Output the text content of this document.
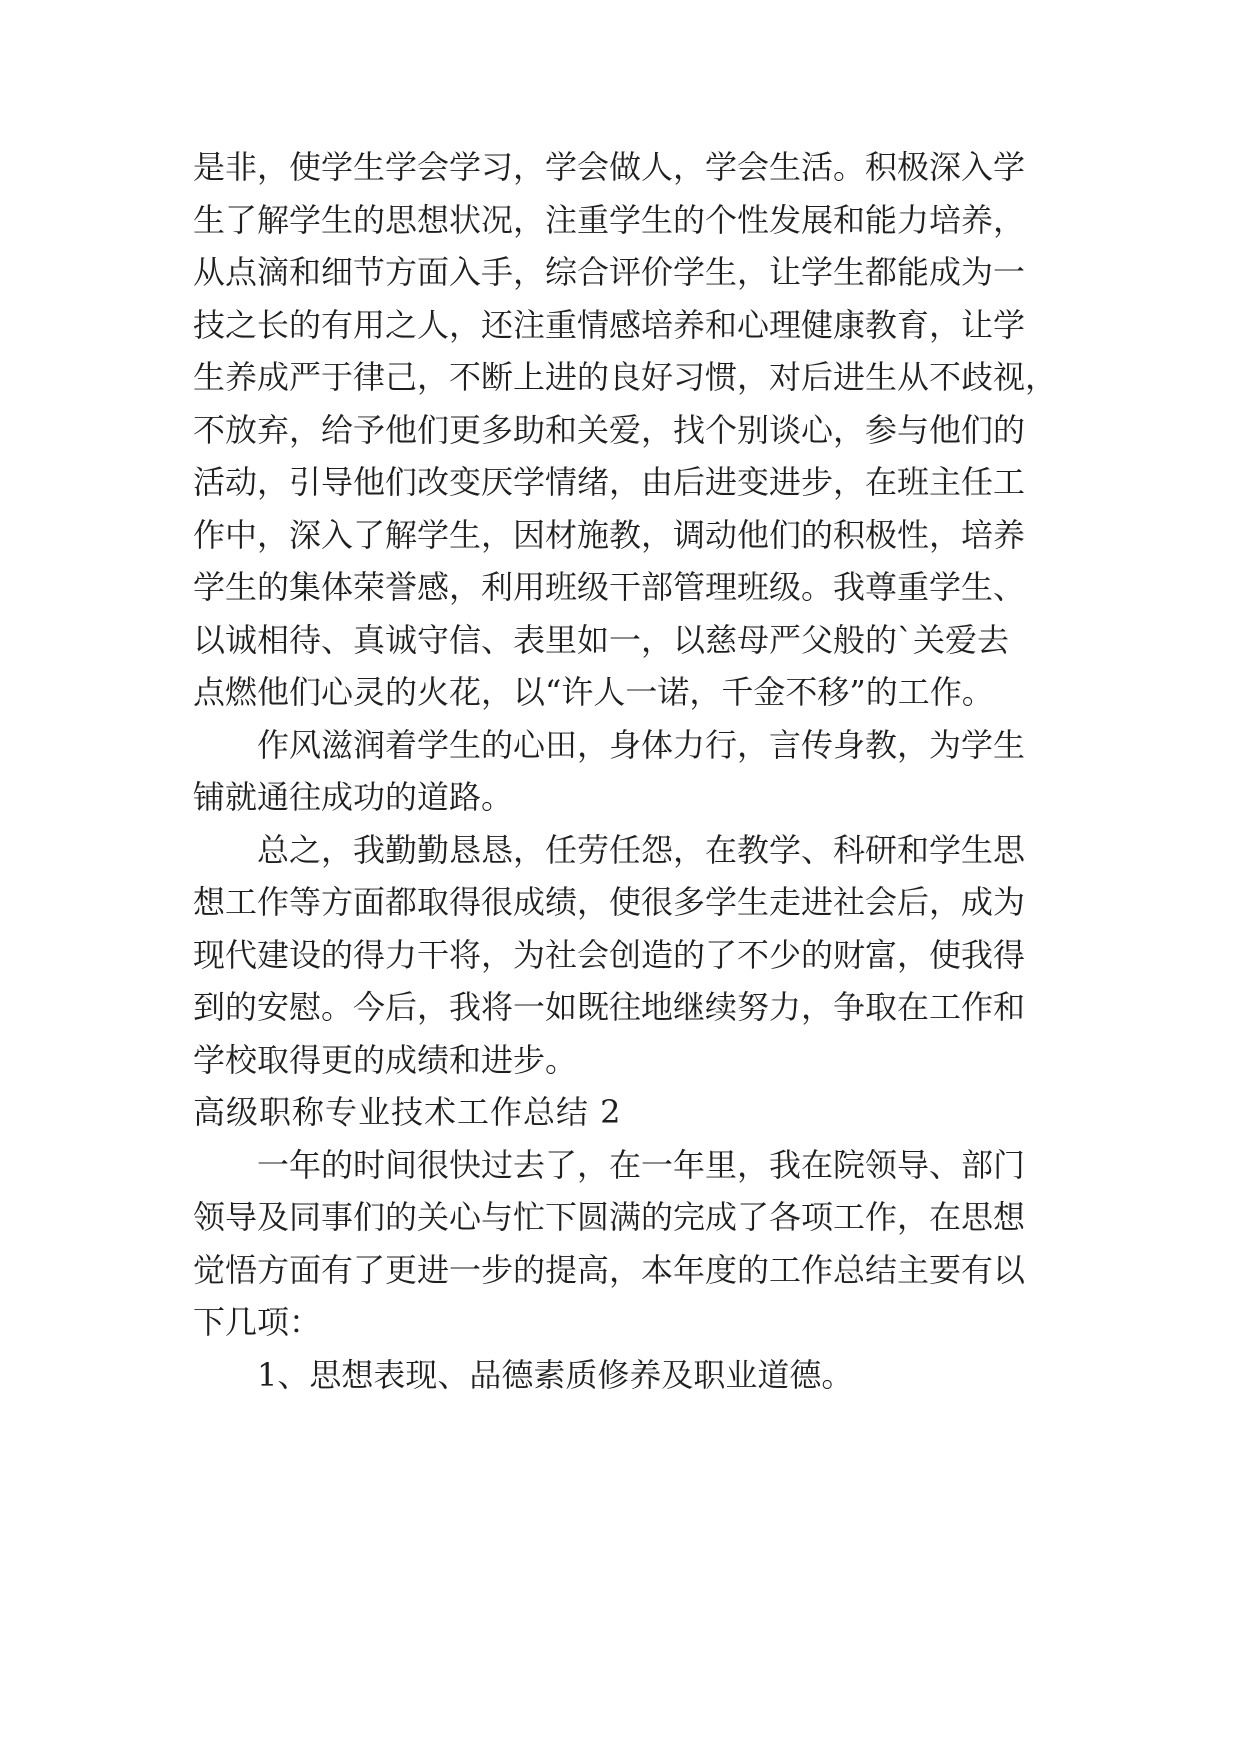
是非，使学生学会学习，学会做人，学会生活。积极深入学
生了解学生的思想状况，注重学生的个性发展和能力培养，
从点滴和细节方面入手，综合评价学生，让学生都能成为一
技之长的有用之人，还注重情感培养和心理健康教育，让学
生养成严于律己，不断上进的良好习惯，对后进生从不歧视，
不放弃，给予他们更多助和关爱，找个别谈心，参与他们的
活动，引导他们改变厌学情绪，由后进变进步，在班主任工
作中，深入了解学生，因材施教，调动他们的积极性，培养
学生的集体荣誉感，利用班级干部管理班级。我尊重学生、
以诚相待、真诚守信、表里如一，以慈母严父般的`关爱去
点燃他们心灵的火花，以“许人一诺，千金不移”的工作。
作风滋润着学生的心田，身体力行，言传身教，为学生
铺就通往成功的道路。
总之，我勤勤恳恳，任劳任怨，在教学、科研和学生思
想工作等方面都取得很成绩，使很多学生走进社会后，成为
现代建设的得力干将，为社会创造的了不少的财富，使我得
到的安慰。今后，我将一如既往地继续努力，争取在工作和
学校取得更的成绩和进步。
高级职称专业技术工作总结 2
一年的时间很快过去了，在一年里，我在院领导、部门
领导及同事们的关心与忙下圆满的完成了各项工作，在思想
觉悟方面有了更进一步的提高，本年度的工作总结主要有以
下几项：
1、思想表现、品德素质修养及职业道德。
